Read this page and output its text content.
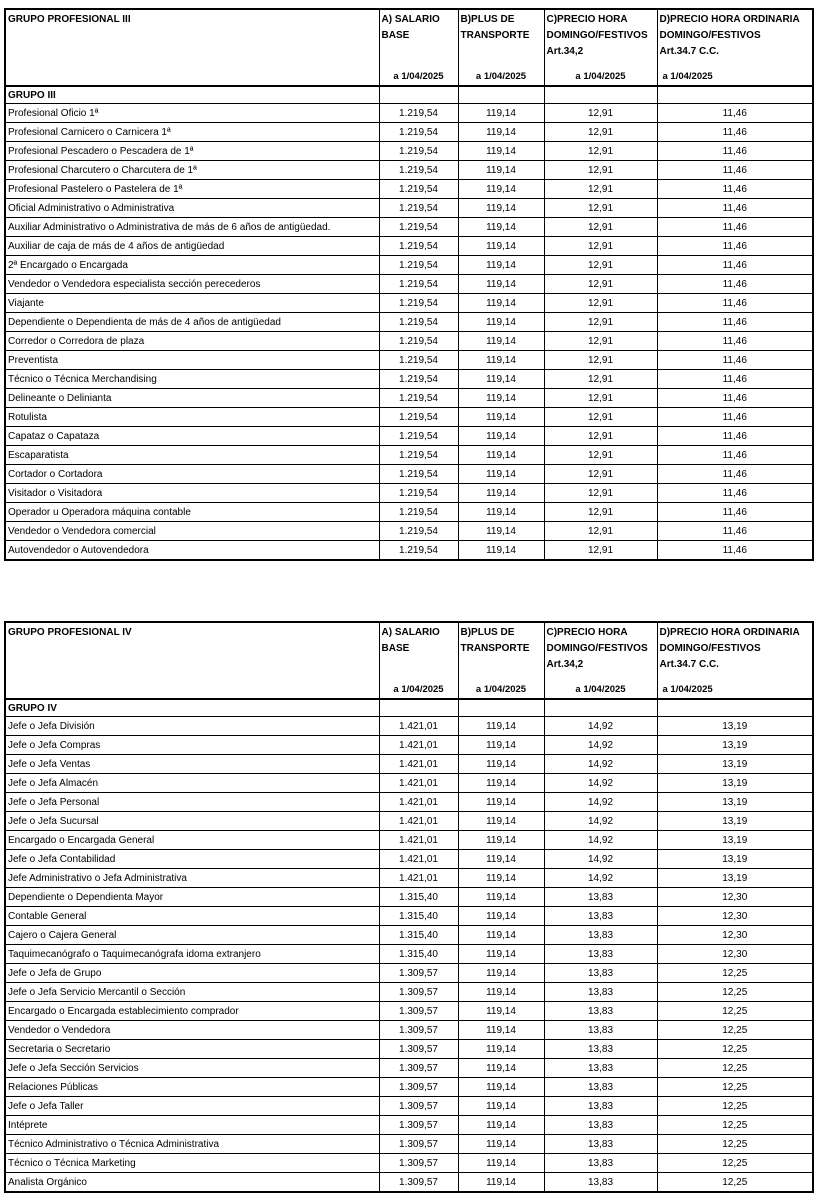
GRUPO PROFESIONAL III	A) SALARIO
BASE
a 1/04/2025

B)PLUS DE
TRANSPORTE
a 1/04/2025

C)PRECIO HORA
DOMINGO/FESTIVOS
Art.34,2
a 1/04/2025

D)PRECIO HORA ORDINARIA
DOMINGO/FESTIVOS
Art.34.7 C.C.
a 1/04/2025

GRUPO III				
Profesional Oficio 1ª	1.219,54	119,14	12,91	11,46
Profesional Carnicero o Carnicera 1ª	1.219,54	119,14	12,91	11,46
Profesional Pescadero o Pescadera de 1ª	1.219,54	119,14	12,91	11,46
Profesional Charcutero o Charcutera de 1ª	1.219,54	119,14	12,91	11,46
Profesional Pastelero o Pastelera de 1ª	1.219,54	119,14	12,91	11,46
Oficial Administrativo o Administrativa	1.219,54	119,14	12,91	11,46
Auxiliar Administrativo o Administrativa de más de 6 años de antigüedad.	1.219,54	119,14	12,91	11,46
Auxiliar de caja de más de 4 años de antigüedad	1.219,54	119,14	12,91	11,46
2ª Encargado o Encargada	1.219,54	119,14	12,91	11,46
Vendedor o Vendedora especialista sección perecederos	1.219,54	119,14	12,91	11,46
Viajante	1.219,54	119,14	12,91	11,46
Dependiente o Dependienta de más de 4 años de antigüedad	1.219,54	119,14	12,91	11,46
Corredor o Corredora de plaza	1.219,54	119,14	12,91	11,46
Preventista	1.219,54	119,14	12,91	11,46
Técnico o Técnica Merchandising	1.219,54	119,14	12,91	11,46
Delineante o Delinianta	1.219,54	119,14	12,91	11,46
Rotulista	1.219,54	119,14	12,91	11,46
Capataz o Capataza	1.219,54	119,14	12,91	11,46
Escaparatista	1.219,54	119,14	12,91	11,46
Cortador o Cortadora	1.219,54	119,14	12,91	11,46
Visitador o Visitadora	1.219,54	119,14	12,91	11,46
Operador u Operadora máquina contable	1.219,54	119,14	12,91	11,46
Vendedor o Vendedora comercial	1.219,54	119,14	12,91	11,46
Autovendedor o Autovendedora	1.219,54	119,14	12,91	11,46
GRUPO PROFESIONAL IV	A) SALARIO
BASE
a 1/04/2025

B)PLUS DE
TRANSPORTE
a 1/04/2025

C)PRECIO HORA
DOMINGO/FESTIVOS
Art.34,2
a 1/04/2025

D)PRECIO HORA ORDINARIA
DOMINGO/FESTIVOS
Art.34.7 C.C.
a 1/04/2025

GRUPO IV				
Jefe o Jefa División	1.421,01	119,14	14,92	13,19
Jefe o Jefa Compras	1.421,01	119,14	14,92	13,19
Jefe o Jefa Ventas	1.421,01	119,14	14,92	13,19
Jefe o Jefa Almacén	1.421,01	119,14	14,92	13,19
Jefe o Jefa Personal	1.421,01	119,14	14,92	13,19
Jefe o Jefa Sucursal	1.421,01	119,14	14,92	13,19
Encargado o Encargada General	1.421,01	119,14	14,92	13,19
Jefe o Jefa Contabilidad	1.421,01	119,14	14,92	13,19
Jefe Administrativo o Jefa Administrativa	1.421,01	119,14	14,92	13,19
Dependiente o Dependienta Mayor	1.315,40	119,14	13,83	12,30
Contable General	1.315,40	119,14	13,83	12,30
Cajero o Cajera General	1.315,40	119,14	13,83	12,30
Taquimecanógrafo o Taquimecanógrafa idoma extranjero	1.315,40	119,14	13,83	12,30
Jefe o Jefa de Grupo	1.309,57	119,14	13,83	12,25
Jefe o Jefa Servicio Mercantil o Sección	1.309,57	119,14	13,83	12,25
Encargado o Encargada establecimiento comprador	1.309,57	119,14	13,83	12,25
Vendedor o Vendedora	1.309,57	119,14	13,83	12,25
Secretaria o Secretario	1.309,57	119,14	13,83	12,25
Jefe o Jefa Sección Servicios	1.309,57	119,14	13,83	12,25
Relaciones Públicas	1.309,57	119,14	13,83	12,25
Jefe o Jefa Taller	1.309,57	119,14	13,83	12,25
Intéprete	1.309,57	119,14	13,83	12,25
Técnico Administrativo o Técnica Administrativa	1.309,57	119,14	13,83	12,25
Técnico o Técnica Marketing	1.309,57	119,14	13,83	12,25
Analista Orgánico	1.309,57	119,14	13,83	12,25
